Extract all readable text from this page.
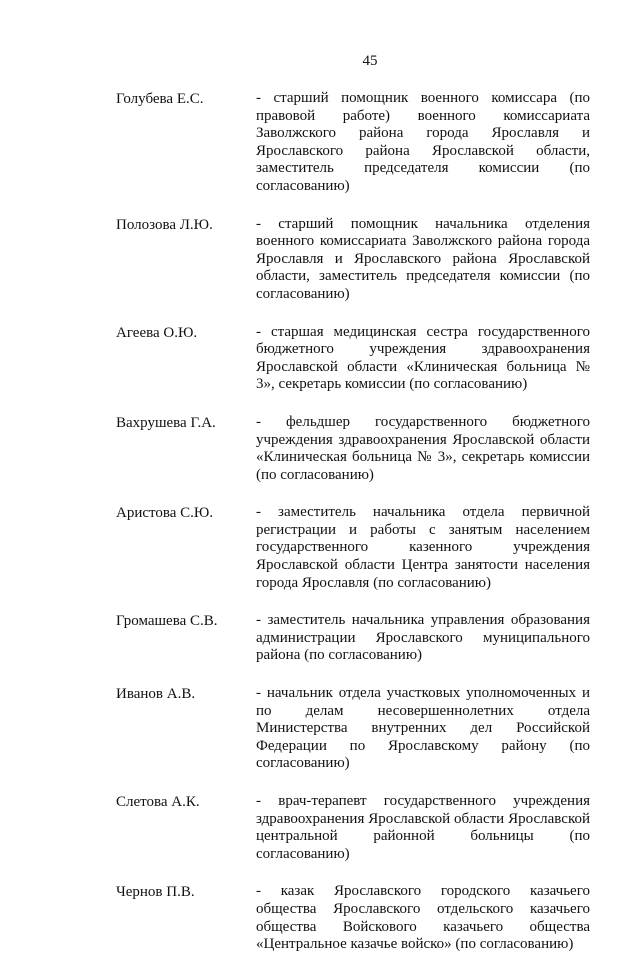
45
Голубева Е.С.	- старший помощник военного комиссара (по правовой работе) военного комиссариата Заволжского района города Ярославля и Ярославского района Ярославской области, заместитель председателя комиссии (по согласованию)
Полозова Л.Ю.	- старший помощник начальника отделения военного комиссариата Заволжского района города Ярославля и Ярославского района Ярославской области, заместитель председателя комиссии (по согласованию)
Агеева О.Ю.	- старшая медицинская сестра государственного бюджетного учреждения здравоохранения Ярославской области «Клиническая больница № 3», секретарь комиссии (по согласованию)
Вахрушева Г.А.	- фельдшер государственного бюджетного учреждения здравоохранения Ярославской области «Клиническая больница № 3», секретарь комиссии (по согласованию)
Аристова С.Ю.	- заместитель начальника отдела первичной регистрации и работы с занятым населением государственного казенного учреждения Ярославской области Центра занятости населения города Ярославля (по согласованию)
Громашева С.В.	- заместитель начальника управления образования администрации Ярославского муниципального района (по согласованию)
Иванов А.В.	- начальник отдела участковых уполномоченных и по делам несовершеннолетних отдела Министерства внутренних дел Российской Федерации по Ярославскому району (по согласованию)
Слетова А.К.	- врач-терапевт государственного учреждения здравоохранения Ярославской области Ярославской центральной районной больницы (по согласованию)
Чернов П.В.	- казак Ярославского городского казачьего общества Ярославского отдельского казачьего общества Войскового казачьего общества «Центральное казачье войско» (по согласованию)
